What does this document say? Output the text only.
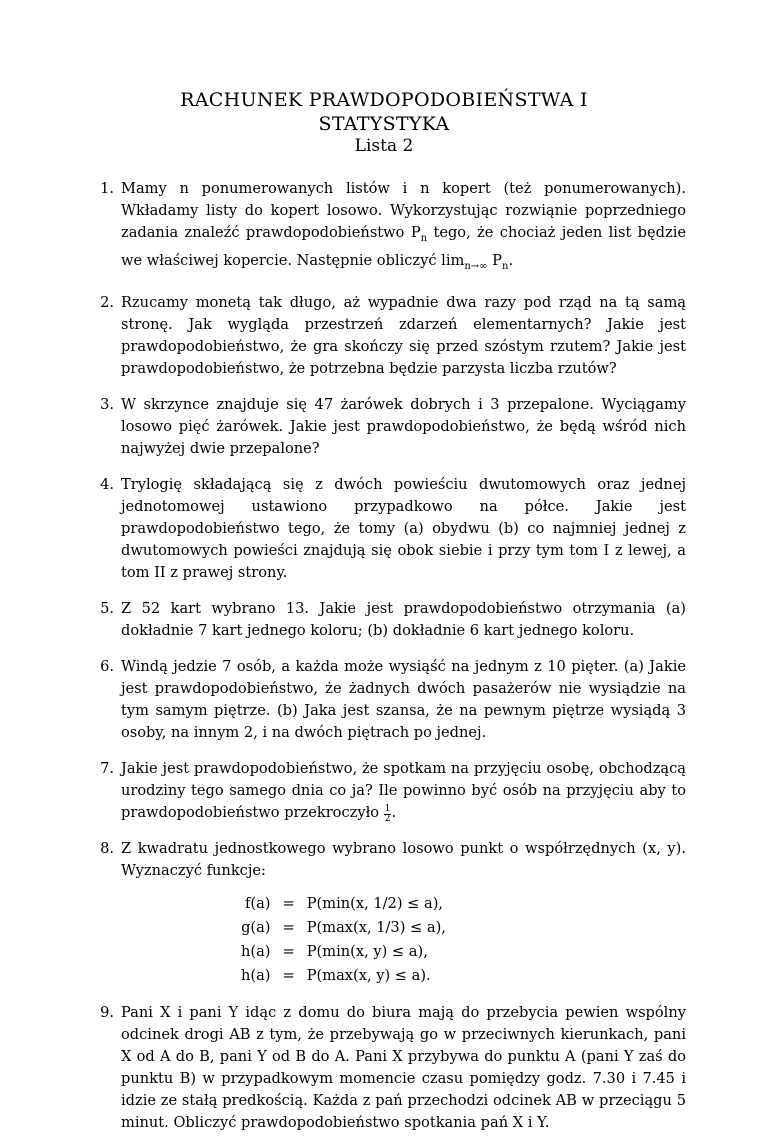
RACHUNEK PRAWDOPODOBIEŃSTWA I
STATYSTYKA
Lista 2
1. Mamy n ponumerowanych listów i n kopert (też ponumerowanych). Wkładamy listy do kopert losowo. Wykorzystując rozwiąnie poprzedniego zadania znaleźć prawdopodobieństwo $P_n$ tego, że chociaż jeden list będzie we właściwej kopercie. Następnie obliczyć $\lim_{n\to\infty} P_n$.
2. Rzucamy monetą tak długo, aż wypadnie dwa razy pod rząd na tą samą stronę. Jak wygląda przestrzeń zdarzeń elementarnych? Jakie jest prawdopodobieństwo, że gra skończy się przed szóstym rzutem? Jakie jest prawdopodobieństwo, że potrzebna będzie parzysta liczba rzutów?
3. W skrzynce znajduje się 47 żarówek dobrych i 3 przepalone. Wyciągamy losowo pięć żarówek. Jakie jest prawdopodobieństwo, że będą wśród nich najwyżej dwie przepalone?
4. Trylogię składającą się z dwóch powieściu dwutomowych oraz jednej jednotomowej ustawiono przypadkowo na półce. Jakie jest prawdopodobieństwo tego, że tomy (a) obydwu (b) co najmniej jednej z dwutomowych powieści znajdują się obok siebie i przy tym tom I z lewej, a tom II z prawej strony.
5. Z 52 kart wybrano 13. Jakie jest prawdopodobieństwo otrzymania (a) dokładnie 7 kart jednego koloru; (b) dokładnie 6 kart jednego koloru.
6. Windą jedzie 7 osób, a każda może wysiąść na jednym z 10 pięter. (a) Jakie jest prawdopodobieństwo, że żadnych dwóch pasażerów nie wysiądzie na tym samym piętrze. (b) Jaka jest szansa, że na pewnym piętrze wysiądą 3 osoby, na innym 2, i na dwóch piętrach po jednej.
7. Jakie jest prawdopodobieństwo, że spotkam na przyjęciu osobę, obchodzącą urodziny tego samego dnia co ja? Ile powinno być osób na przyjęciu aby to prawdopodobieństwo przekroczyło $\frac{1}{2}$ .
8. Z kwadratu jednostkowego wybrano losowo punkt o współrzędnych (x, y). Wyznaczyć funkcje:
f(a)	=	P(min(x, 1/2) ≤ a),
g(a)	=	P(max(x, 1/3) ≤ a),
h(a)	=	P(min(x, y) ≤ a),
h(a)	=	P(max(x, y) ≤ a).
9. Pani X i pani Y idąc z domu do biura mają do przebycia pewien wspólny odcinek drogi AB z tym, że przebywają go w przeciwnych kierunkach, pani X od A do B, pani Y od B do A. Pani X przybywa do punktu A (pani Y zaś do punktu B) w przypadkowym momencie czasu pomiędzy godz. 7.30 i 7.45 i idzie ze stałą predkością. Każda z pań przechodzi odcinek AB w przeciągu 5 minut. Obliczyć prawdopodobieństwo spotkania pań X i Y.
